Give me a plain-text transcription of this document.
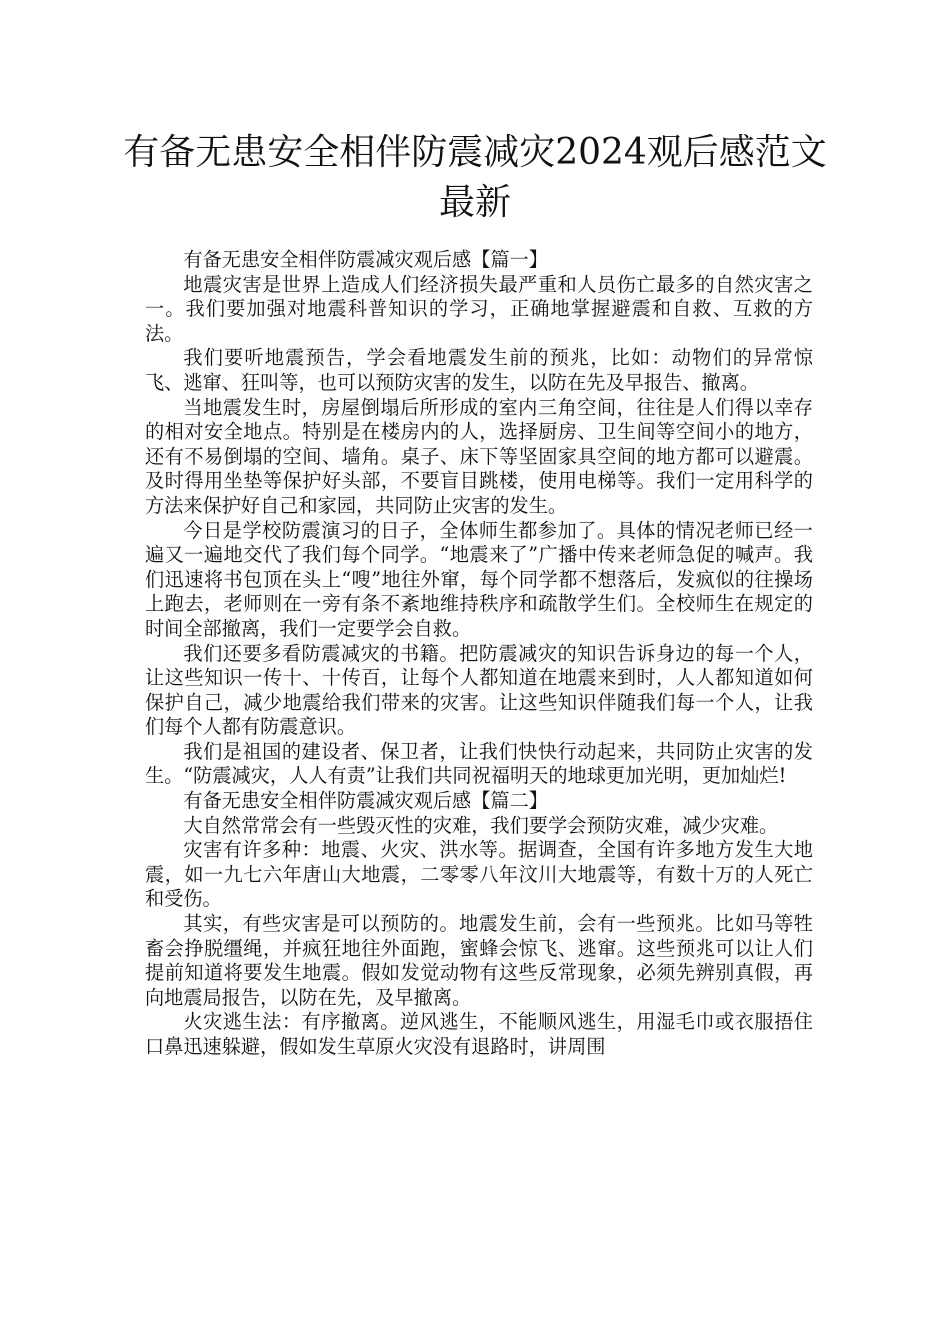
有备无患安全相伴防震减灾2024观后感范文最新

有备无患安全相伴防震减灾观后感【篇一】

地震灾害是世界上造成人们经济损失最严重和人员伤亡最多的自然灾害之一。我们要加强对地震科普知识的学习，正确地掌握避震和自救、互救的方法。

我们要听地震预告，学会看地震发生前的预兆，比如：动物们的异常惊飞、逃窜、狂叫等，也可以预防灾害的发生，以防在先及早报告、撤离。

当地震发生时，房屋倒塌后所形成的室内三角空间，往往是人们得以幸存的相对安全地点。特别是在楼房内的人，选择厨房、卫生间等空间小的地方，还有不易倒塌的空间、墙角。桌子、床下等坚固家具空间的地方都可以避震。及时得用坐垫等保护好头部，不要盲目跳楼，使用电梯等。我们一定用科学的方法来保护好自己和家园，共同防止灾害的发生。

今日是学校防震演习的日子，全体师生都参加了。具体的情况老师已经一遍又一遍地交代了我们每个同学。“地震来了”广播中传来老师急促的喊声。我们迅速将书包顶在头上“嗖”地往外窜，每个同学都不想落后，发疯似的往操场上跑去，老师则在一旁有条不紊地维持秩序和疏散学生们。全校师生在规定的时间全部撤离，我们一定要学会自救。

我们还要多看防震减灾的书籍。把防震减灾的知识告诉身边的每一个人，让这些知识一传十、十传百，让每个人都知道在地震来到时，人人都知道如何保护自己，减少地震给我们带来的灾害。让这些知识伴随我们每一个人，让我们每个人都有防震意识。

我们是祖国的建设者、保卫者，让我们快快行动起来，共同防止灾害的发生。“防震减灾，人人有责”让我们共同祝福明天的地球更加光明，更加灿烂!

有备无患安全相伴防震减灾观后感【篇二】

大自然常常会有一些毁灭性的灾难，我们要学会预防灾难，减少灾难。

灾害有许多种：地震、火灾、洪水等。据调查，全国有许多地方发生大地震，如一九七六年唐山大地震，二零零八年汶川大地震等，有数十万的人死亡和受伤。

其实，有些灾害是可以预防的。地震发生前，会有一些预兆。比如马等牲畜会挣脱缰绳，并疯狂地往外面跑，蜜蜂会惊飞、逃窜。这些预兆可以让人们提前知道将要发生地震。假如发觉动物有这些反常现象，必须先辨别真假，再向地震局报告，以防在先，及早撤离。

火灾逃生法：有序撤离。逆风逃生，不能顺风逃生，用湿毛巾或衣服捂住口鼻迅速躲避，假如发生草原火灾没有退路时，讲周围
